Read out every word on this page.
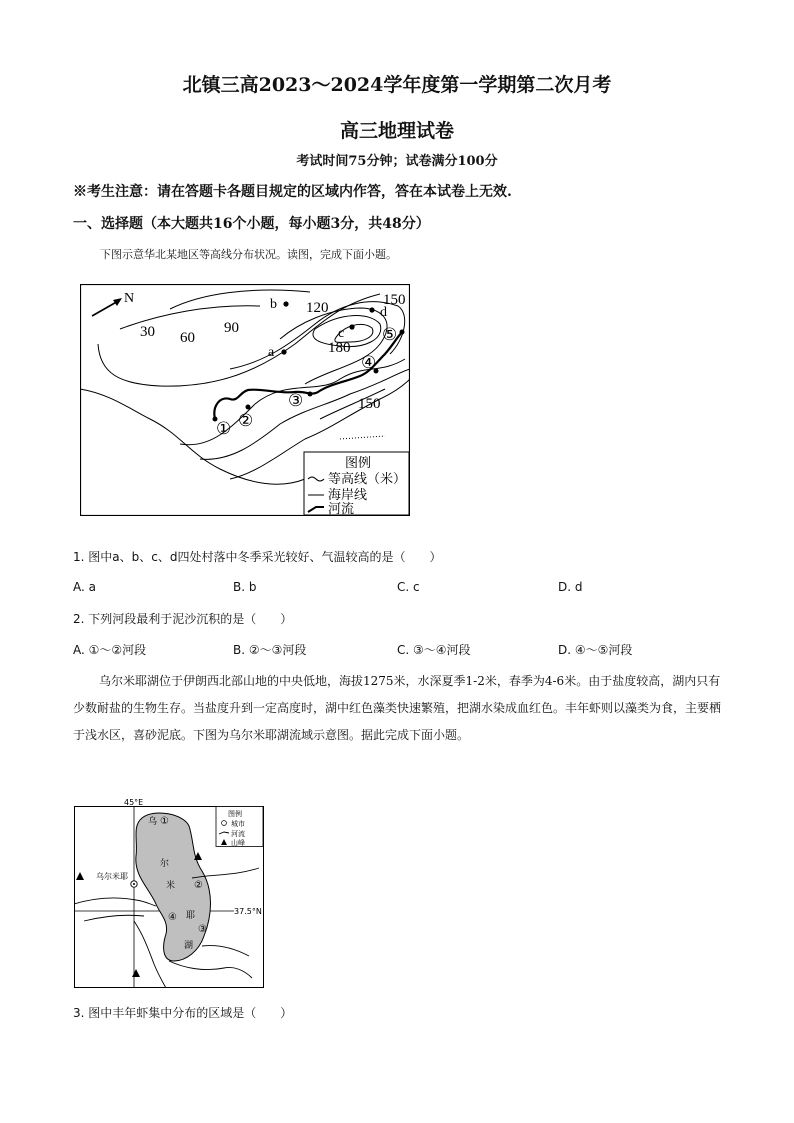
北镇三高2023～2024学年度第一学期第二次月考
高三地理试卷
考试时间75分钟；试卷满分100分
※考生注意：请在答题卡各题目规定的区域内作答，答在本试卷上无效.
一、选择题（本大题共16个小题，每小题3分，共48分）
下图示意华北某地区等高线分布状况。读图，完成下面小题。
N
30 60
90
120
180
150
150
a
b
c
d
① ②
③
④
⑤
图例
等高线（米）
海岸线
河流
1. 图中a、b、c、d四处村落中冬季采光较好、气温较高的是（　　）
A. a	B. b	C. c	D. d
2. 下列河段最利于泥沙沉积的是（　　）
A. ①～②河段	B. ②～③河段	C. ③～④河段	D. ④～⑤河段
乌尔米耶湖位于伊朗西北部山地的中央低地，海拔1275米，水深夏季1-2米，春季为4-6米。由于盐度较高，湖内只有少数耐盐的生物生存。当盐度升到一定高度时，湖中红色藻类快速繁殖，把湖水染成血红色。丰年虾则以藻类为食，主要栖于浅水区，喜砂泥底。下图为乌尔米耶湖流域示意图。据此完成下面小题。
45°E
37.5°N
乌尔米耶
乌
尔
米
耶
湖
①
②
③
④
图例
城市
河流
山峰
3. 图中丰年虾集中分布的区域是（　　）
